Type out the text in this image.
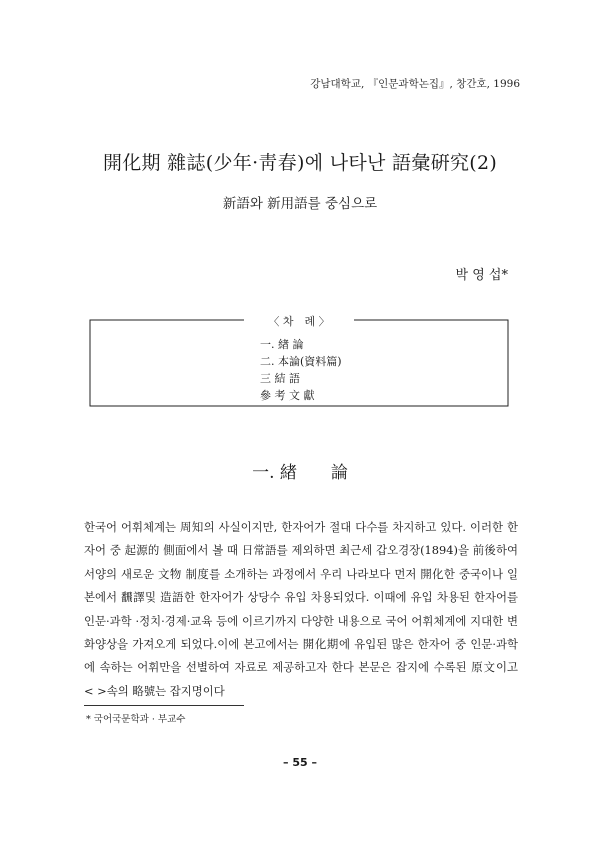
강남대학교, 『인문과학논집』, 창간호, 1996
開化期 雜誌(少年·靑春)에 나타난 語彙硏究(2)
新語와 新用語를 중심으로
박 영 섭*
〈 차　례 〉
一. 緖 論
二. 本論(資料篇)
三 結 語
參 考 文 獻
一. 緖　　論

한국어 어휘체계는 周知의 사실이지만, 한자어가 절대 다수를 차지하고 있다. 이러한 한자어 중 起源的 側面에서 볼 때 日常語를 제외하면 최근세 갑오경장(1894)을 前後하여 서양의 새로운 文物 制度를 소개하는 과정에서 우리 나라보다 먼저 開化한 중국이나 일본에서 飜譯및 造語한 한자어가 상당수 유입 차용되었다. 이때에 유입 차용된 한자어를 인문·과학 ·정치·경제·교육 등에 이르기까지 다양한 내용으로 국어 어휘체계에 지대한 변화양상을 가져오게 되었다.이에 본고에서는 開化期에 유입된 많은 한자어 중 인문·과학에 속하는 어휘만을 선별하여 자료로 제공하고자 한다 본문은 잡지에 수록된 原文이고 < >속의 略號는 잡지명이다

* 국어국문학과 · 부교수
– 55 –
